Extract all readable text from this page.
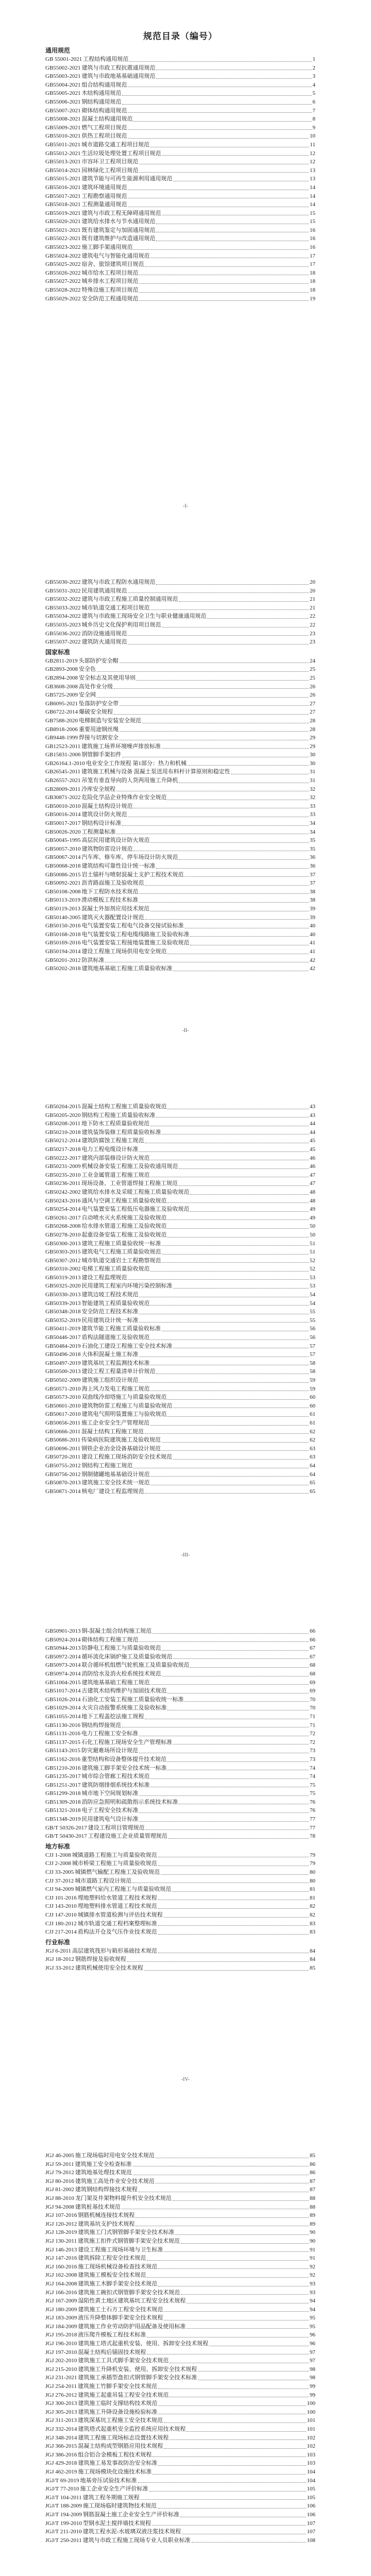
规范目录（编号）
通用规范
GB 55001-2021 工程结构通用规范	1
GB55002-2021 建筑与市政工程抗震通用规范	2
GB55003-2021 建筑与市政地基基础通用规范	3
GB55004-2021 组合结构通用规范	4
GB55005-2021 木结构通用规范	5
GB55006-2021 钢结构通用规范	6
GB55007-2021 砌体结构通用规范	7
GB55008-2021 混凝土结构通用规范	8
GB55009-2021 燃气工程项目规范	9
GB55010-2021 供热工程项目规范	10
GB55011-2021 城市道路交通工程项目规范	11
GB55012-2021 生活垃圾处理处置工程项目规范	12
GB55013-2021 市容环卫工程项目规范	12
GB55014-2021 园林绿化工程项目规范	13
GB55015-2021 建筑节能与可再生能源利用通用规范	13
GB55016-2021 建筑环境通用规范	14
GB55017-2021 工程勘察通用规范	14
GB55018-2021 工程测量通用规范	14
GB55019-2021 建筑与市政工程无障碍通用规范	15
GB55020-2021 建筑给水排水与节水通用规范	15
GB55021-2021 既有建筑鉴定与加固通用规范	16
GB55022-2021 既有建筑维护与改造通用规范	16
GB55023-2022 施工脚手架通用规范	16
GB55024-2022 建筑电气与智能化通用规范	17
GB55025-2022 宿舍、旅馆建筑项目规范	17
GB55026-2022 城市给水工程项目规范	18
GB55027-2022 城乡排水工程项目规范	18
GB55028-2022 特殊设施工程项目规范	18
GB55029-2022 安全防范工程通用规范	19
-I-
GB55030-2022 建筑与市政工程防水通用规范	20
GB55031-2022 民用建筑通用规范	20
GB55032-2022 建筑与市政工程施工质量控制通用规范	21
GB55033-2022 城市轨道交通工程项目规范	21
GB55034-2022 建筑与市政施工现场安全卫生与职业健康通用规范	22
GB55035-2023 城乡历史文化保护利用项目规范	22
GB55036-2022 消防设施通用规范	23
GB55037-2022 建筑防火通用规范	23
国家标准
GB2811-2019 头部防护安全帽	24
GB2893-2008 安全色	25
GB2894-2008 安全标志及其使用导则	25
GB3608-2008 高处作业分级	26
GB5725-2009 安全网	26
GB6095-2021 坠落防护安全带	27
GB6722-2014 爆破安全规程	27
GB7588-2020 电梯制造与安装安全规范	28
GB8918-2006 重要用途钢丝绳	28
GB9448-1999 焊接与切割安全	29
GB12523-2011 建筑施工场界环境噪声排放标准	29
GB15831-2006 钢管脚手架扣件	30
GB26164.1-2010 电业安全工作规程 第1部分：热力和机械	30
GB26545-2011 建筑施工机械与设备 混凝土泵送用布料杆计算原则和稳定性	31
GB26557-2021 吊笼有垂直导向的人货两用施工升降机	31
GB28009-2011 冷库安全规程	32
GB30871-2022 危险化学品企业特殊作业安全规范	32
GB50010-2010 混凝土结构设计规范	33
GB50016-2014 建筑设计防火规范	33
GB50017-2017 钢结构设计标准	34
GB50026-2020 工程测量标准	34
GB50045-1995 高层民用建筑设计防火规范	35
GB50057-2010 建筑物防雷设计规范	35
GB50067-2014 汽车库、修车库、停车场设计防火规范	36
GB50068-2018 建筑结构可靠性设计统一标准	36
GB50086-2015 岩土锚杆与喷射混凝土支护工程技术规范	37
GB50092-2021 沥青路面施工及验收规范	37
GB50108-2008 地下工程防水技术规范	38
GB50113-2019 滑动模板工程技术标准	38
GB50119-2013 混凝土外加剂应用技术规范	39
GB50140-2005 建筑灭火器配置设计规范	39
GB50150-2016 电气装置安装工程电气设备交接试验标准	40
GB50168-2018 电气装置安装工程电缆线路施工及验收标准	40
GB50169-2016 电气装置安装工程接地装置施工及验收规范	41
GB50194-2014 建设工程施工现场供用电安全规范	41
GB50201-2012 防洪标准	42
GB50202-2018 建筑地基基础工程施工质量验收标准	42
-II-
GB50204-2015 混凝土结构工程施工质量验收规范	43
GB50205-2020 钢结构工程施工质量验收标准	43
GB50208-2011 地下防水工程质量验收规范	44
GB50210-2018 建筑装饰装修工程质量验收标准	44
GB50212-2014 建筑防腐蚀工程施工规范	45
GB50217-2018 电力工程电缆设计标准	45
GB50222-2017 建筑内部装修设计防火规范	46
GB50231-2009 机械设备安装工程施工及验收通用规范	46
GB50235-2010 工业金属管道工程施工规范	47
GB50236-2011 现场设备、工业管道焊接工程施工规范	47
GB50242-2002 建筑给水排水及采暖工程施工质量验收规范	48
GB50243-2016 通风与空调工程施工质量验收规范	48
GB50254-2014 电气装置安装工程低压电器施工及验收规范	49
GB50261-2017 自动喷水灭火系统施工及验收规范	49
GB50268-2008 给水排水管道工程施工及验收规范	50
GB50278-2010 起重设备安装工程施工及验收规范	50
GB50300-2013 建筑工程施工质量验收统一标准	51
GB50303-2015 建筑电气工程施工质量验收规范	51
GB50307-2012 城市轨道交通岩土工程勘察规范	52
GB50310-2002 电梯工程施工质量验收规范	52
GB50319-2013 建设工程监理规范	53
GB50325-2020 民用建筑工程室内环境污染控制标准	53
GB50330-2013 建筑边坡工程技术规范	54
GB50339-2013 智能建筑工程质量验收规范	54
GB50348-2018 安全防范工程技术标准	55
GB50352-2019 民用建筑设计统一标准	55
GB50411-2019 建筑节能工程施工质量验收标准	56
GB50446-2017 盾构法隧道施工及验收规范	56
GB50484-2019 石油化工建设工程施工安全技术标准	57
GB50496-2018 大体积混凝土施工标准	57
GB50497-2019 建筑基坑工程监测技术标准	58
GB50500-2013 建设工程工程量清单计价规范	58
GB50502-2009 建筑施工组织设计规范	59
GB50571-2010 海上风力发电工程施工规范	59
GB50573-2010 双曲线冷却塔施工与质量验收规范	60
GB50601-2010 建筑物防雷工程施工与质量验收规范	60
GB50617-2010 建筑电气照明装置施工与验收规范	61
GB50656-2011 施工企业安全生产管理规范	61
GB50666-2011 混凝土结构工程施工规范	62
GB50686-2011 传染病医院建筑施工及验收规范	62
GB50696-2011 钢铁企业冶金设备基础设计规范	63
GB50720-2011 建设工程施工现场消防安全技术规范	63
GB50755-2012 钢结构工程施工规范	64
GB50756-2012 钢制储罐地基基础设计规范	64
GB50870-2013 建筑施工安全技术统一规范	65
GB50871-2014 核电厂建设工程监理规范	65
-III-
GB50901-2013 钢-混凝土组合结构施工规范	66
GB50924-2014 砌体结构工程施工规范	66
GB50944-2013 防静电工程施工与质量验收规范	67
GB50972-2014 循环流化床锅炉施工及质量验收规范	67
GB50973-2014 联合循环机组燃气轮机施工及质量验收规范	68
GB50974-2014 消防给水及消火栓系统技术规范	68
GB51004-2015 建筑地基基础工程施工规范	69
GB51017-2014 古建筑木结构维护与加固技术规范	69
GB51026-2014 石油化工安装工程施工质量验收统一标准	70
GB51029-2014 火灾自动报警系统施工及验收标准	70
GB51055-2014 地下工程盖挖法施工规程	71
GB51130-2016 钢结构焊接规范	71
GB51131-2016 电力工程施工安全标准	72
GB51137-2015 石化工程施工现场安全生产管理标准	72
GB51143-2015 防灾避难场所设计规范	73
GB51162-2016 重型结构和设备整体提升技术规范	73
GB51210-2016 建筑施工脚手架安全技术统一标准	74
GB51235-2017 城市综合管廊工程技术规范	74
GB51251-2017 建筑防烟排烟系统技术标准	75
GB51299-2018 城市地下空间规划标准	75
GB51309-2018 消防应急照明和疏散指示系统技术标准	76
GB51321-2018 电子工程安全技术标准	76
GB51348-2019 民用建筑电气设计标准	77
GB/T 50326-2017 建设工程项目管理规范	77
GB/T 50430-2017 工程建设施工企业质量管理规范	78
地方标准
CJJ 1-2008 城镇道路工程施工与质量验收规范	79
CJJ 2-2008 城市桥梁工程施工与质量验收规范	79
CJJ 33-2005 城镇燃气输配工程施工及验收规范	80
CJJ 37-2012 城市道路工程设计规范	80
CJJ 94-2009 城镇燃气室内工程施工与质量验收规范	81
CJJ 101-2016 埋地塑料给水管道工程技术规程	81
CJJ 143-2010 埋地塑料排水管道工程技术规范	82
CJJ 147-2010 城镇排水管道检测与评估技术规程	82
CJJ 180-2012 城市轨道交通工程档案整理标准	83
CJJ 217-2014 盾构法开仓及气压作业技术规范	83
行业标准
JGJ 6-2011 高层建筑筏形与箱形基础技术规范	84
JGJ 18-2012 钢筋焊接及验收规程	84
JGJ 33-2012 建筑机械使用安全技术规程	85
-IV-
JGJ 46-2005 施工现场临时用电安全技术规范	85
JGJ 59-2011 建筑施工安全检查标准	86
JGJ 79-2012 建筑地基处理技术规范	86
JGJ 80-2016 建筑施工高处作业安全技术规范	87
JGJ 81-2002 建筑钢结构焊接技术规程	87
JGJ 88-2010 龙门架及井架物料提升机安全技术规范	88
JGJ 94-2008 建筑桩基技术规范	88
JGJ 107-2016 钢筋机械连接技术规程	89
JGJ 120-2012 建筑基坑支护技术规程	89
JGJ 128-2019 建筑施工门式钢管脚手架安全技术标准	90
JGJ 130-2011 建筑施工扣件式钢管脚手架安全技术规范	90
JGJ 146-2013 建设工程施工现场环境与卫生标准	91
JGJ 147-2016 建筑拆除工程安全技术规范	91
JGJ 160-2016 施工现场机械设备检查技术规范	92
JGJ 162-2008 建筑施工模板安全技术规范	92
JGJ 164-2008 建筑施工木脚手架安全技术规范	93
JGJ 166-2016 建筑施工碗扣式钢管脚手架安全技术规范	93
JGJ 167-2009 湿陷性黄土地区建筑基坑工程安全技术规程	94
JGJ 180-2009 建筑施工土石方工程安全技术规范	94
JGJ 183-2009 液压升降整体脚手架安全技术规程	95
JGJ 184-2009 建筑施工作业劳动防护用品配备及使用标准	95
JGJ 195-2018 液压爬升模板工程技术标准	96
JGJ 196-2010 建筑施工塔式起重机安装、使用、拆卸安全技术规程	96
JGJ 197-2010 混凝土结构后锚固技术规程	97
JGJ 202-2010 建筑施工工具式脚手架安全技术规范	97
JGJ 215-2010 建筑施工升降机安装、使用、拆卸安全技术规程	98
JGJ 231-2021 建筑施工承插型盘扣式钢管脚手架安全技术标准	98
JGJ 254-2011 建筑施工竹脚手架安全技术规范	99
JGJ 276-2012 建筑施工起重吊装工程安全技术规范	99
JGJ 300-2013 建筑施工临时支撑结构技术规范	100
JGJ 305-2013 建筑施工升降设备设施检验标准	100
JGJ 311-2013 建筑深基坑工程施工安全技术规范	101
JGJ 332-2014 建筑塔式起重机安全监控系统应用技术规程	101
JGJ 348-2014 建筑工程施工现场标志设置技术规程	102
JGJ 366-2015 混凝土结构成型钢筋应用技术规程	102
JGJ 386-2016 组合铝合金模板工程技术规程	103
JGJ 429-2018 建筑施工易发事故防治安全标准	103
JGJ 462-2019 施工现场模块化设施技术标准	104
JGJ/T 69-2019 地基旁压试验技术标准	104
JGJ/T 77-2010 施工企业安全生产评价标准	105
JGJ/T 104-2011 建筑工程冬期施工规程	105
JGJ/T 188-2009 施工现场临时建筑物技术规范	106
JGJ/T 194-2009 钢筋混凝土施工企业安全生产评价标准	106
JGJ/T 199-2010 型钢水泥土搅拌墙技术规程	107
JGJ/T 211-2010 建筑工程水泥-水玻璃双液注浆技术规程	107
JGJ/T 250-2011 建筑与市政工程施工现场专业人员职业标准	108
